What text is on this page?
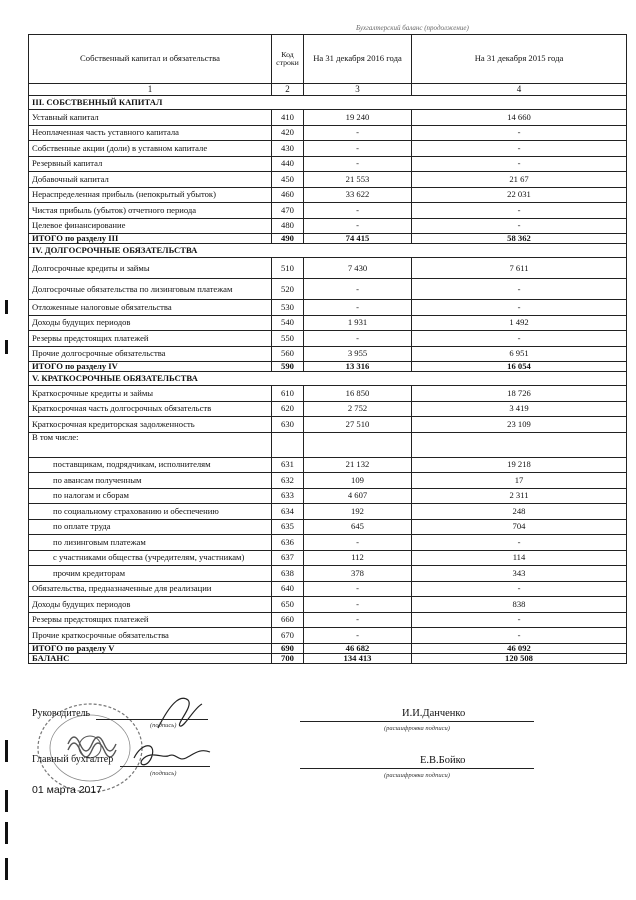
Бухгалтерский баланс (продолжение)
Собственный капитал и обязательства	Код строки	На 31 декабря 2016 года	На 31 декабря 2015 года
1	2	3	4
III. СОБСТВЕННЫЙ КАПИТАЛ			
Уставный капитал	410	19 240	14 660
Неоплаченная часть уставного капитала	420	-	-
Собственные акции (доли) в уставном капитале	430	-	-
Резервный капитал	440	-	-
Добавочный капитал	450	21 553	21 67
Нераспределенная прибыль (непокрытый убыток)	460	33 622	22 031
Чистая прибыль (убыток) отчетного периода	470	-	-
Целевое финансирование	480	-	-
ИТОГО по разделу III	490	74 415	58 362
IV. ДОЛГОСРОЧНЫЕ ОБЯЗАТЕЛЬСТВА			
Долгосрочные кредиты и займы	510	7 430	7 611
Долгосрочные обязательства по лизинговым платежам	520	-	-
Отложенные налоговые обязательства	530	-	-
Доходы будущих периодов	540	1 931	1 492
Резервы предстоящих платежей	550	-	-
Прочие долгосрочные обязательства	560	3 955	6 951
ИТОГО по разделу IV	590	13 316	16 054
V. КРАТКОСРОЧНЫЕ ОБЯЗАТЕЛЬСТВА			
Краткосрочные кредиты и займы	610	16 850	18 726
Краткосрочная часть долгосрочных обязательств	620	2 752	3 419
Краткосрочная кредиторская задолженность	630	27 510	23 109
В том числе:			
поставщикам, подрядчикам, исполнителям	631	21 132	19 218
по авансам полученным	632	109	17
по налогам и сборам	633	4 607	2 311
по социальному страхованию и обеспечению	634	192	248
по оплате труда	635	645	704
по лизинговым платежам	636	-	-
с участниками общества (учредителям, участникам)	637	112	114
прочим кредиторам	638	378	343
Обязательства, предназначенные для реализации	640	-	-
Доходы будущих периодов	650	-	838
Резервы предстоящих платежей	660	-	-
Прочие краткосрочные обязательства	670	-	-
ИТОГО по разделу V	690	46 682	46 092
БАЛАНС	700	134 413	120 508
Руководитель
(подпись)
И.И.Данченко
(расшифровка подписи)
Главный бухгалтер
(подпись)
Е.В.Бойко
(расшифровка подписи)
01 марта 2017
